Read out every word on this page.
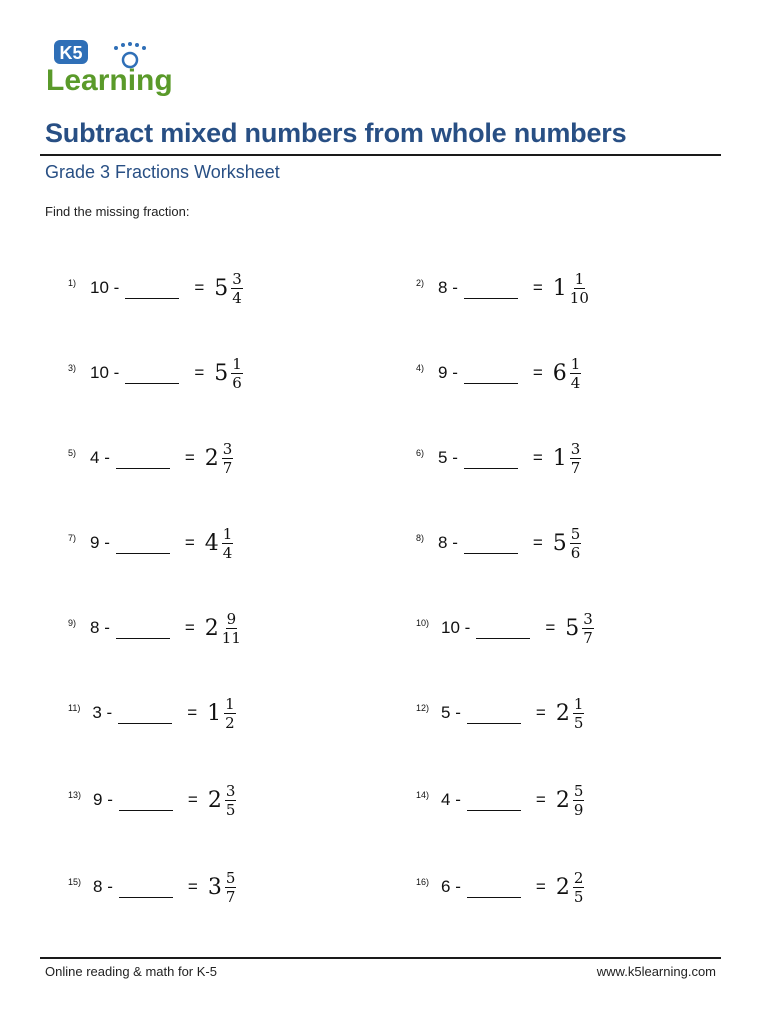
K5
Learning
Subtract mixed numbers from whole numbers
Grade 3 Fractions Worksheet
Find the missing fraction:
1) 10 -	= $5 \frac{3}{4}$	2) 8 -	= $1 \frac{1}{10}$
3) 10 -	= $5 \frac{1}{6}$	4) 9 -	= $6 \frac{1}{4}$
5) 4 -	= $2 \frac{3}{7}$	6) 5 -	= $1 \frac{3}{7}$
7) 9 -	= $4 \frac{1}{4}$	8) 8 -	= $5 \frac{5}{6}$
9) 8 -	= $2 \frac{9}{11}$	10) 10 -	= $5 \frac{3}{7}$
11) 3 -	= $1 \frac{1}{2}$	12) 5 -	= $2 \frac{1}{5}$
13) 9 -	= $2 \frac{3}{5}$	14) 4 -	= $2 \frac{5}{9}$
15) 8 -	= $3 \frac{5}{7}$	16) 6 -	= $2 \frac{2}{5}$
Online reading & math for K-5	www.k5learning.com
